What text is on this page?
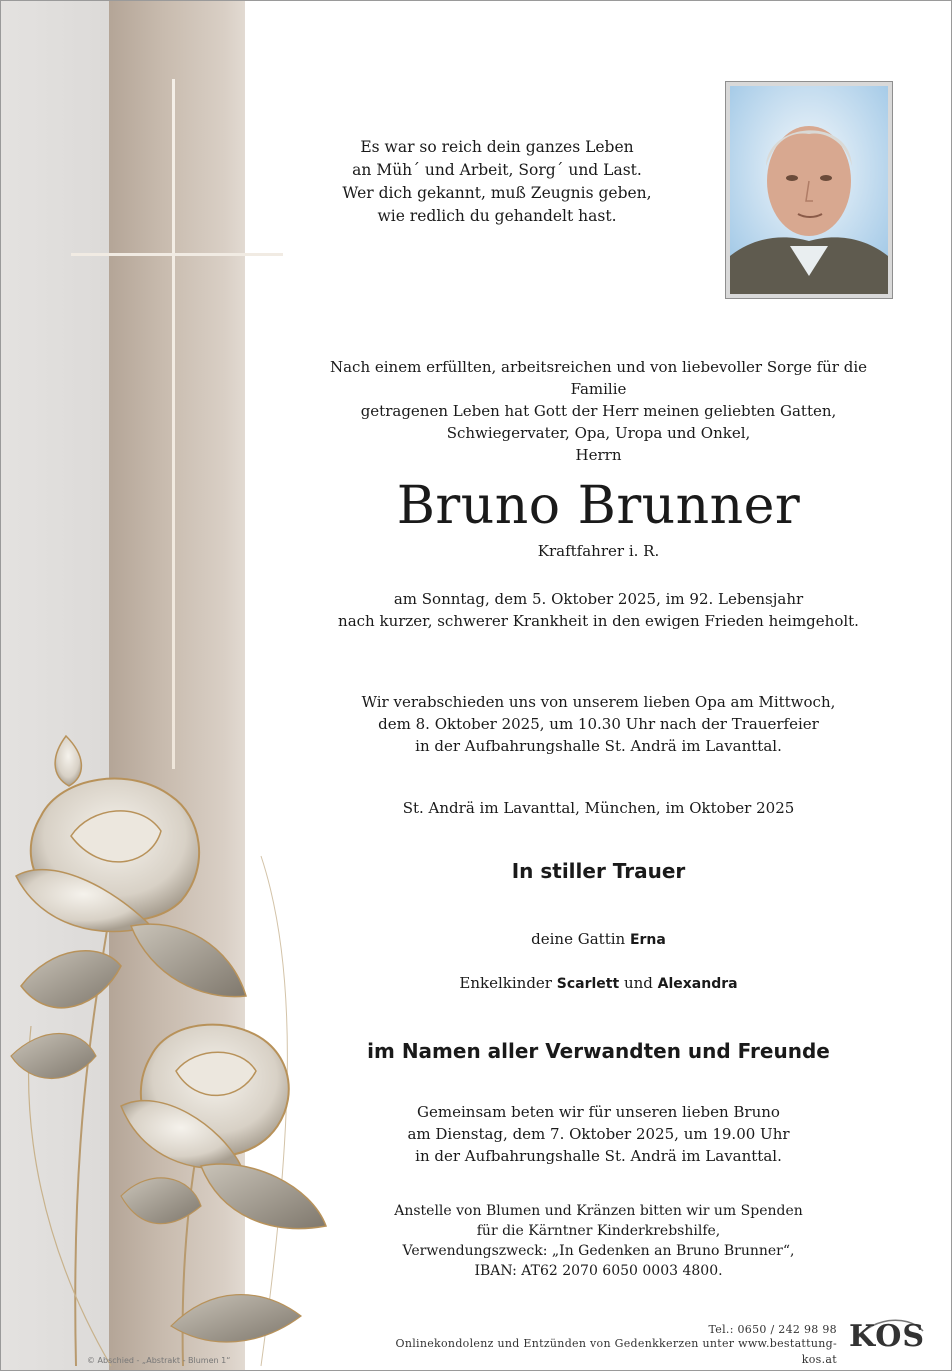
Es war so reich dein ganzes Leben
an Müh´ und Arbeit, Sorg´ und Last.
Wer dich gekannt, muß Zeugnis geben,
wie redlich du gehandelt hast.
Nach einem erfüllten, arbeitsreichen und von liebevoller Sorge für die Familie
getragenen Leben hat Gott der Herr meinen geliebten Gatten,
Schwiegervater, Opa, Uropa und Onkel,
Herrn
Bruno Brunner
Kraftfahrer i. R.
am Sonntag, dem 5. Oktober 2025, im 92. Lebensjahr
nach kurzer, schwerer Krankheit in den ewigen Frieden heimgeholt.
Wir verabschieden uns von unserem lieben Opa am Mittwoch,
dem 8. Oktober 2025, um 10.30 Uhr nach der Trauerfeier
in der Aufbahrungshalle St. Andrä im Lavanttal.
St. Andrä im Lavanttal, München, im Oktober 2025
In stiller Trauer
deine Gattin Erna
Enkelkinder Scarlett und Alexandra
im Namen aller Verwandten und Freunde
Gemeinsam beten wir für unseren lieben Bruno
am Dienstag, dem 7. Oktober 2025, um 19.00 Uhr
in der Aufbahrungshalle St. Andrä im Lavanttal.
Anstelle von Blumen und Kränzen bitten wir um Spenden
für die Kärntner Kinderkrebshilfe,
Verwendungszweck: „In Gedenken an Bruno Brunner“,
IBAN: AT62 2070 6050 0003 4800.
Tel.: 0650 / 242 98 98
Onlinekondolenz und Entzünden von Gedenkkerzen unter www.bestattung-kos.at
KOS
© Abschied - „Abstrakt - Blumen 1“
